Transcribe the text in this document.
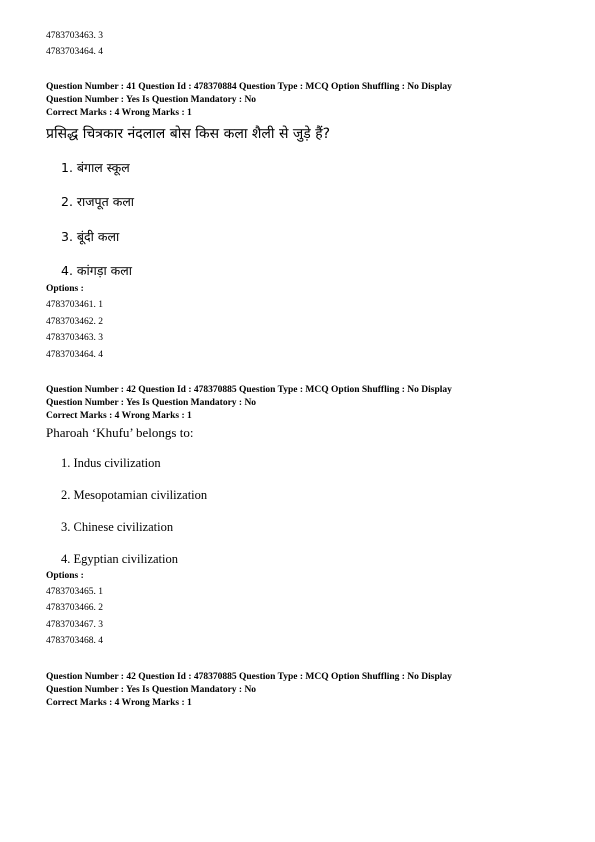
4783703463. 3
4783703464. 4
Question Number : 41 Question Id : 478370884 Question Type : MCQ Option Shuffling : No Display
Question Number : Yes Is Question Mandatory : No
Correct Marks : 4 Wrong Marks : 1
प्रसिद्ध चित्रकार नंदलाल बोस किस कला शैली से जुड़े हैं?
1. बंगाल स्कूल
2. राजपूत कला
3. बूंदी कला
4. कांगड़ा कला
Options :
4783703461. 1
4783703462. 2
4783703463. 3
4783703464. 4
Question Number : 42 Question Id : 478370885 Question Type : MCQ Option Shuffling : No Display
Question Number : Yes Is Question Mandatory : No
Correct Marks : 4 Wrong Marks : 1
Pharoah ‘Khufu’ belongs to:
1. Indus civilization
2. Mesopotamian civilization
3. Chinese civilization
4. Egyptian civilization
Options :
4783703465. 1
4783703466. 2
4783703467. 3
4783703468. 4
Question Number : 42 Question Id : 478370885 Question Type : MCQ Option Shuffling : No Display
Question Number : Yes Is Question Mandatory : No
Correct Marks : 4 Wrong Marks : 1
